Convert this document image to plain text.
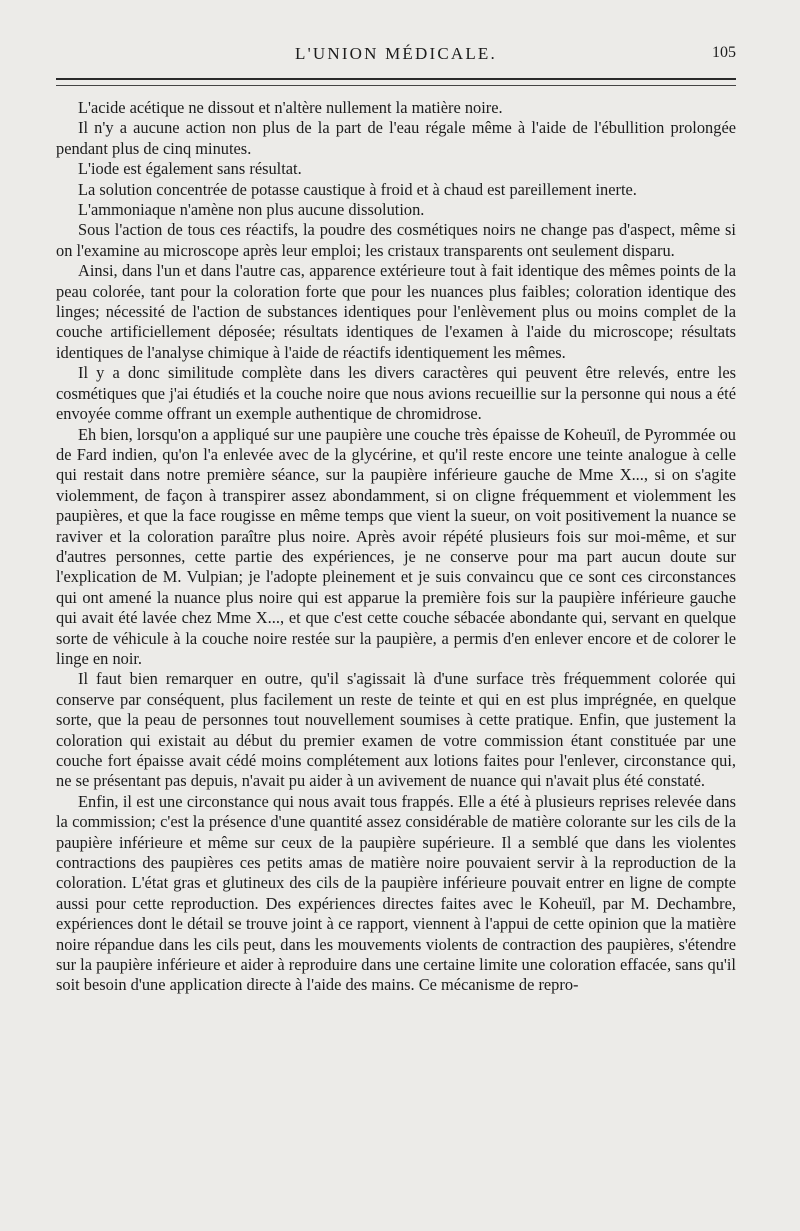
L'UNION MÉDICALE.	105

L'acide acétique ne dissout et n'altère nullement la matière noire.

Il n'y a aucune action non plus de la part de l'eau régale même à l'aide de l'ébullition prolongée pendant plus de cinq minutes.

L'iode est également sans résultat.

La solution concentrée de potasse caustique à froid et à chaud est pareillement inerte.

L'ammoniaque n'amène non plus aucune dissolution.

Sous l'action de tous ces réactifs, la poudre des cosmétiques noirs ne change pas d'aspect, même si on l'examine au microscope après leur emploi; les cristaux transparents ont seulement disparu.

Ainsi, dans l'un et dans l'autre cas, apparence extérieure tout à fait identique des mêmes points de la peau colorée, tant pour la coloration forte que pour les nuances plus faibles; coloration identique des linges; nécessité de l'action de substances identiques pour l'enlèvement plus ou moins complet de la couche artificiellement déposée; résultats identiques de l'examen à l'aide du microscope; résultats identiques de l'analyse chimique à l'aide de réactifs identiquement les mêmes.

Il y a donc similitude complète dans les divers caractères qui peuvent être relevés, entre les cosmétiques que j'ai étudiés et la couche noire que nous avions recueillie sur la personne qui nous a été envoyée comme offrant un exemple authentique de chromidrose.

Eh bien, lorsqu'on a appliqué sur une paupière une couche très épaisse de Koheuïl, de Pyrommée ou de Fard indien, qu'on l'a enlevée avec de la glycérine, et qu'il reste encore une teinte analogue à celle qui restait dans notre première séance, sur la paupière inférieure gauche de Mme X..., si on s'agite violemment, de façon à transpirer assez abondamment, si on cligne fréquemment et violemment les paupières, et que la face rougisse en même temps que vient la sueur, on voit positivement la nuance se raviver et la coloration paraître plus noire. Après avoir répété plusieurs fois sur moi-même, et sur d'autres personnes, cette partie des expériences, je ne conserve pour ma part aucun doute sur l'explication de M. Vulpian; je l'adopte pleinement et je suis convaincu que ce sont ces circonstances qui ont amené la nuance plus noire qui est apparue la première fois sur la paupière inférieure gauche qui avait été lavée chez Mme X..., et que c'est cette couche sébacée abondante qui, servant en quelque sorte de véhicule à la couche noire restée sur la paupière, a permis d'en enlever encore et de colorer le linge en noir.

Il faut bien remarquer en outre, qu'il s'agissait là d'une surface très fréquemment colorée qui conserve par conséquent, plus facilement un reste de teinte et qui en est plus imprégnée, en quelque sorte, que la peau de personnes tout nouvellement soumises à cette pratique. Enfin, que justement la coloration qui existait au début du premier examen de votre commission étant constituée par une couche fort épaisse avait cédé moins complétement aux lotions faites pour l'enlever, circonstance qui, ne se présentant pas depuis, n'avait pu aider à un avivement de nuance qui n'avait plus été constaté.

Enfin, il est une circonstance qui nous avait tous frappés. Elle a été à plusieurs reprises relevée dans la commission; c'est la présence d'une quantité assez considérable de matière colorante sur les cils de la paupière inférieure et même sur ceux de la paupière supérieure. Il a semblé que dans les violentes contractions des paupières ces petits amas de matière noire pouvaient servir à la reproduction de la coloration. L'état gras et glutineux des cils de la paupière inférieure pouvait entrer en ligne de compte aussi pour cette reproduction. Des expériences directes faites avec le Koheuïl, par M. Dechambre, expériences dont le détail se trouve joint à ce rapport, viennent à l'appui de cette opinion que la matière noire répandue dans les cils peut, dans les mouvements violents de contraction des paupières, s'étendre sur la paupière inférieure et aider à reproduire dans une certaine limite une coloration effacée, sans qu'il soit besoin d'une application directe à l'aide des mains. Ce mécanisme de repro-
